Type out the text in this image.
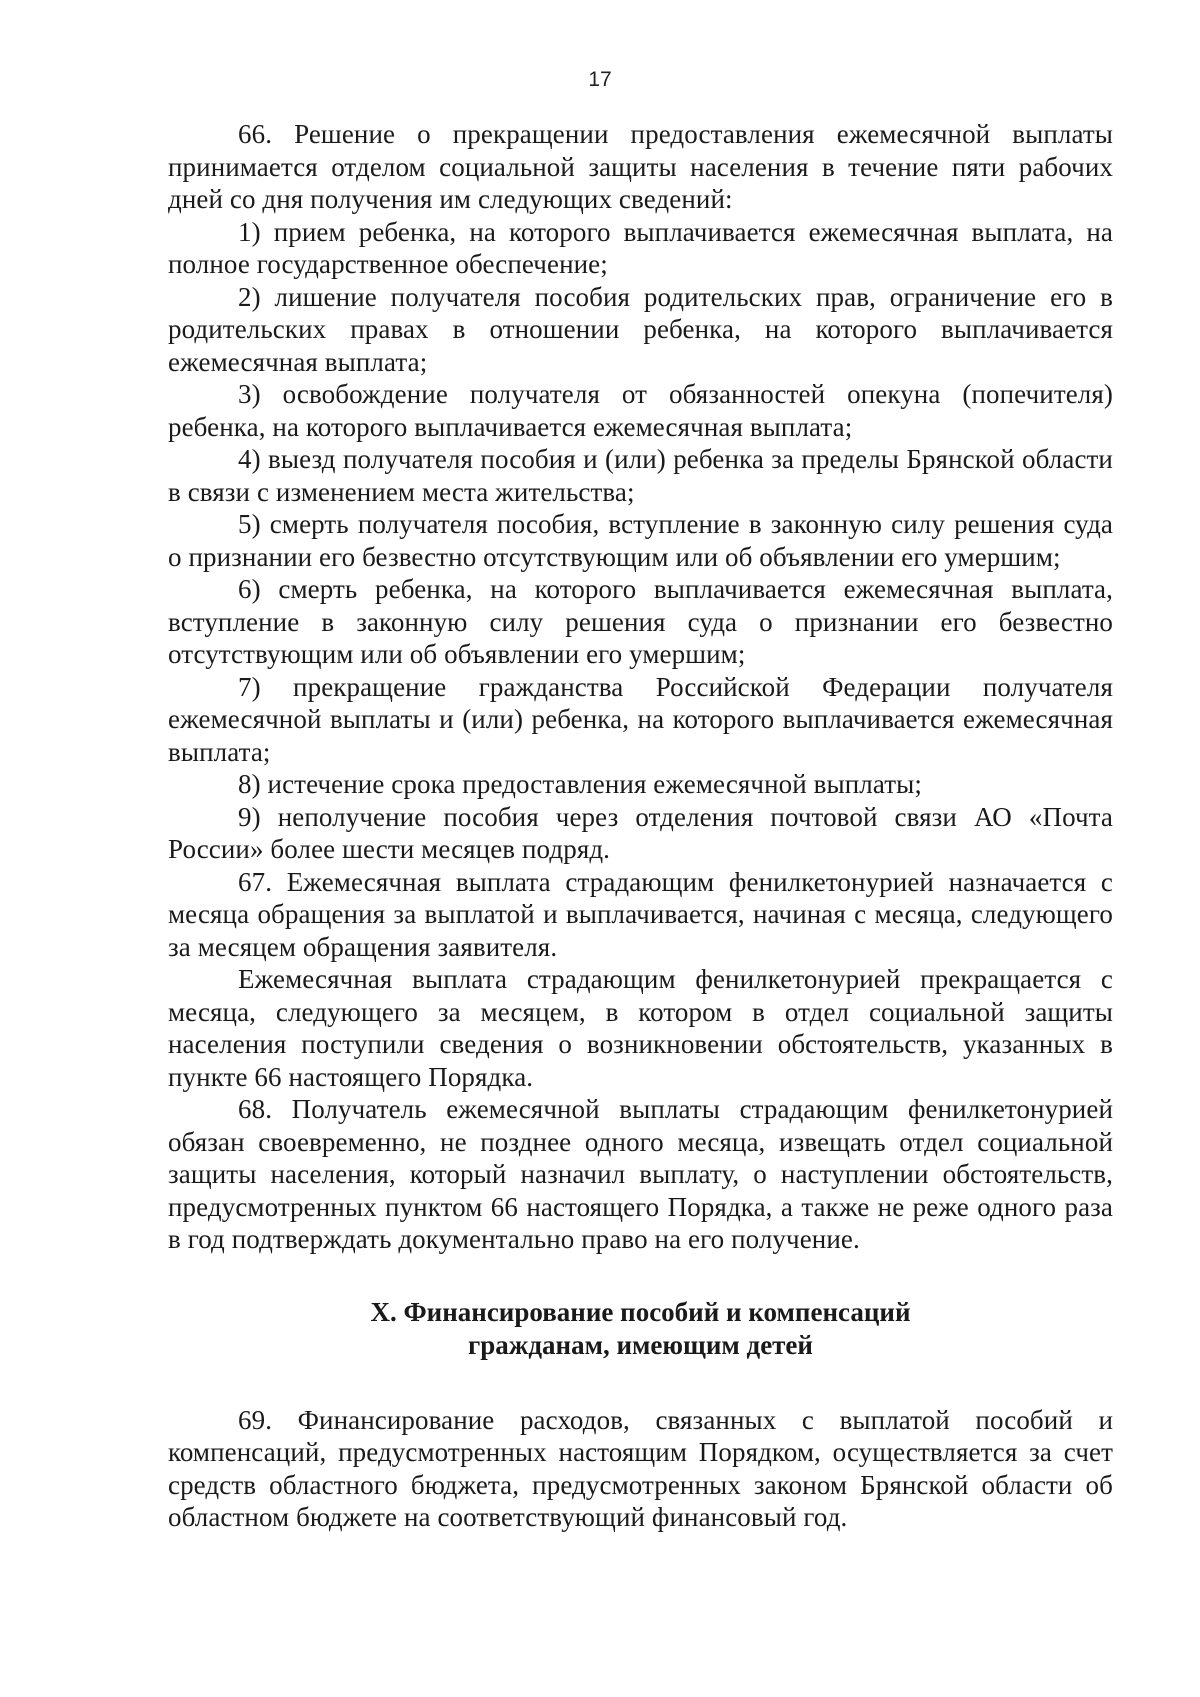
17

66. Решение о прекращении предоставления ежемесячной выплаты принимается отделом социальной защиты населения в течение пяти рабочих дней со дня получения им следующих сведений:

1) прием ребенка, на которого выплачивается ежемесячная выплата, на полное государственное обеспечение;

2) лишение получателя пособия родительских прав, ограничение его в родительских правах в отношении ребенка, на которого выплачивается ежемесячная выплата;

3) освобождение получателя от обязанностей опекуна (попечителя) ребенка, на которого выплачивается ежемесячная выплата;

4) выезд получателя пособия и (или) ребенка за пределы Брянской области в связи с изменением места жительства;

5) смерть получателя пособия, вступление в законную силу решения суда о признании его безвестно отсутствующим или об объявлении его умершим;

6) смерть ребенка, на которого выплачивается ежемесячная выплата, вступление в законную силу решения суда о признании его безвестно отсутствующим или об объявлении его умершим;

7) прекращение гражданства Российской Федерации получателя ежемесячной выплаты и (или) ребенка, на которого выплачивается ежемесячная выплата;

8) истечение срока предоставления ежемесячной выплаты;

9) неполучение пособия через отделения почтовой связи АО «Почта России» более шести месяцев подряд.

67. Ежемесячная выплата страдающим фенилкетонурией назначается с месяца обращения за выплатой и выплачивается, начиная с месяца, следующего за месяцем обращения заявителя.

Ежемесячная выплата страдающим фенилкетонурией прекращается с месяца, следующего за месяцем, в котором в отдел социальной защиты населения поступили сведения о возникновении обстоятельств, указанных в пункте 66 настоящего Порядка.

68. Получатель ежемесячной выплаты страдающим фенилкетонурией обязан своевременно, не позднее одного месяца, извещать отдел социальной защиты населения, который назначил выплату, о наступлении обстоятельств, предусмотренных пунктом 66 настоящего Порядка, а также не реже одного раза в год подтверждать документально право на его получение.

X. Финансирование пособий и компенсаций
гражданам, имеющим детей

69. Финансирование расходов, связанных с выплатой пособий и компенсаций, предусмотренных настоящим Порядком, осуществляется за счет средств областного бюджета, предусмотренных законом Брянской области об областном бюджете на соответствующий финансовый год.
